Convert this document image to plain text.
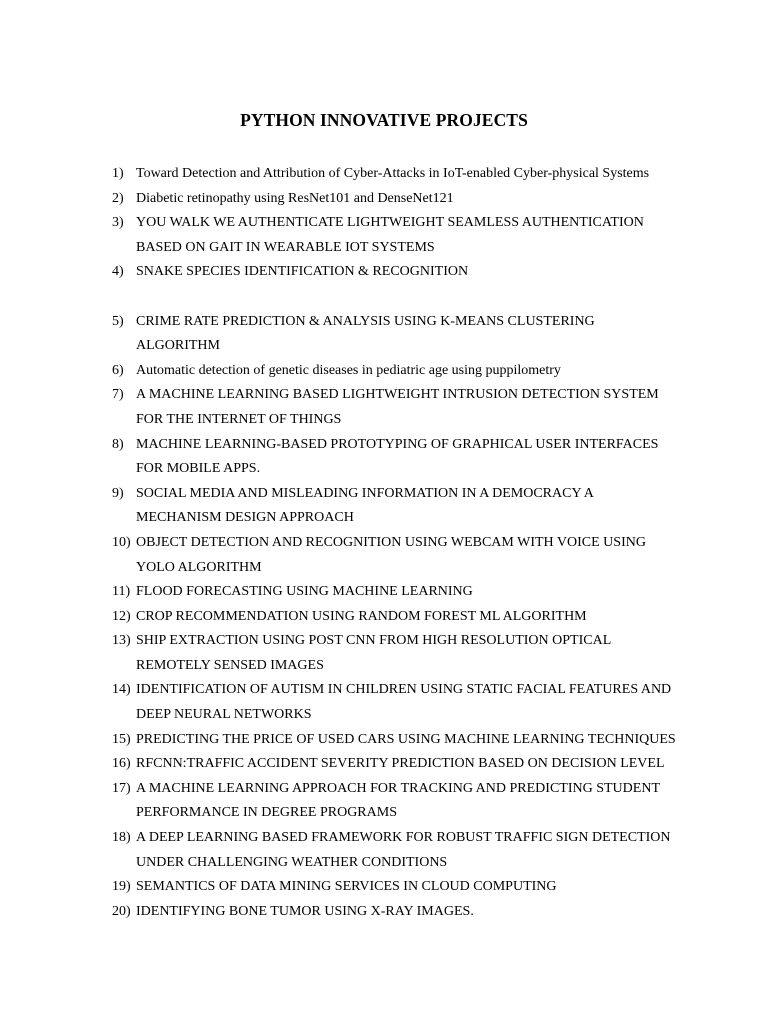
PYTHON INNOVATIVE PROJECTS
1) Toward Detection and Attribution of Cyber-Attacks in IoT-enabled Cyber-physical Systems
2) Diabetic retinopathy using ResNet101 and DenseNet121
3) YOU WALK WE AUTHENTICATE LIGHTWEIGHT SEAMLESS AUTHENTICATION
BASED ON GAIT IN WEARABLE IOT SYSTEMS
4) SNAKE SPECIES IDENTIFICATION & RECOGNITION
5) CRIME RATE PREDICTION & ANALYSIS USING K-MEANS CLUSTERING
ALGORITHM
6) Automatic detection of genetic diseases in pediatric age using puppilometry
7) A MACHINE LEARNING BASED LIGHTWEIGHT INTRUSION DETECTION SYSTEM
FOR THE INTERNET OF THINGS
8) MACHINE LEARNING-BASED PROTOTYPING OF GRAPHICAL USER INTERFACES
FOR MOBILE APPS.
9) SOCIAL MEDIA AND MISLEADING INFORMATION IN A DEMOCRACY A
MECHANISM DESIGN APPROACH
10) OBJECT DETECTION AND RECOGNITION USING WEBCAM WITH VOICE USING
YOLO ALGORITHM
11) FLOOD FORECASTING USING MACHINE LEARNING
12) CROP RECOMMENDATION USING RANDOM FOREST ML ALGORITHM
13) SHIP EXTRACTION USING POST CNN FROM HIGH RESOLUTION OPTICAL
REMOTELY SENSED IMAGES
14) IDENTIFICATION OF AUTISM IN CHILDREN USING STATIC FACIAL FEATURES AND
DEEP NEURAL NETWORKS
15) PREDICTING THE PRICE OF USED CARS USING MACHINE LEARNING TECHNIQUES
16) RFCNN:TRAFFIC ACCIDENT SEVERITY PREDICTION BASED ON DECISION LEVEL
17) A MACHINE LEARNING APPROACH FOR TRACKING AND PREDICTING STUDENT
PERFORMANCE IN DEGREE PROGRAMS
18) A DEEP LEARNING BASED FRAMEWORK FOR ROBUST TRAFFIC SIGN DETECTION
UNDER CHALLENGING WEATHER CONDITIONS
19) SEMANTICS OF DATA MINING SERVICES IN CLOUD COMPUTING
20) IDENTIFYING BONE TUMOR USING X-RAY IMAGES.
